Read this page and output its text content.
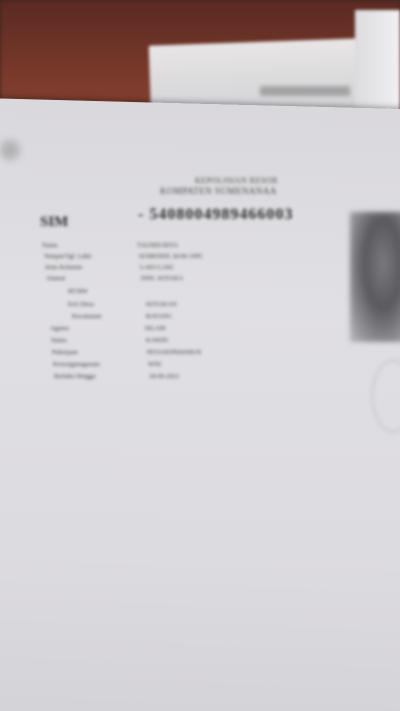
KEPOLISIAN RESOR
KOMPATEN SUMENANAA
SIM	- 5408004989466003
Nama	TAUHID RIYA
Tempat/Tgl. Lahir	SUMENEP, 18-06-1995
Jenis Kelamin	LAKI-LAKI
Alamat	DSN. SOTAKA
RT/RW
Kel./Desa	SOTAKAN
Kecamatan	BATANG
Agama	ISLAM
Status	KAWIN
Pekerjaan	PETANI/PEKEBUN
Kewarganegaraan	WNI
Berlaku Hingga	18-06-2021
